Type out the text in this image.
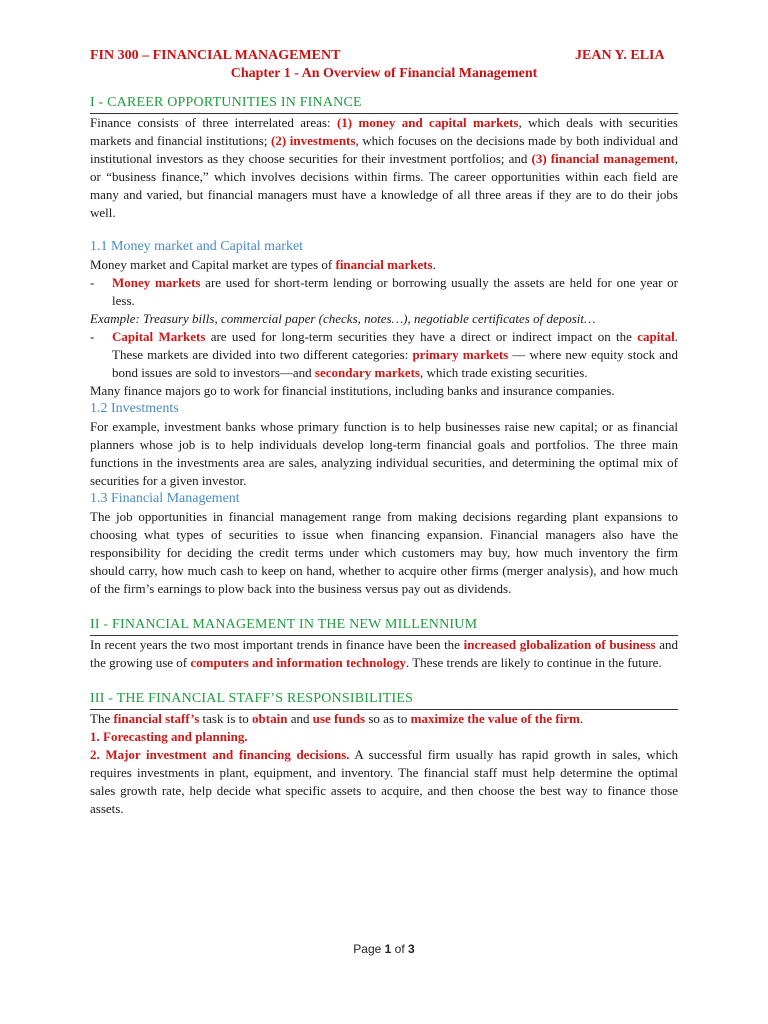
FIN 300 – FINANCIAL MANAGEMENT	JEAN Y. ELIA
Chapter 1 - An Overview of Financial Management
I - CAREER OPPORTUNITIES IN FINANCE

Finance consists of three interrelated areas: (1) money and capital markets, which deals with securities markets and financial institutions; (2) investments, which focuses on the decisions made by both individual and institutional investors as they choose securities for their investment portfolios; and (3) financial management, or “business finance,” which involves decisions within firms. The career opportunities within each field are many and varied, but financial managers must have a knowledge of all three areas if they are to do their jobs well.

1.1 Money market and Capital market

Money market and Capital market are types of financial markets.

- Money markets are used for short-term lending or borrowing usually the assets are held for one year or less.

Example: Treasury bills, commercial paper (checks, notes…), negotiable certificates of deposit…

- Capital Markets are used for long-term securities they have a direct or indirect impact on the capital. These markets are divided into two different categories: primary markets — where new equity stock and bond issues are sold to investors—and secondary markets, which trade existing securities.

Many finance majors go to work for financial institutions, including banks and insurance companies.

1.2 Investments

For example, investment banks whose primary function is to help businesses raise new capital; or as financial planners whose job is to help individuals develop long-term financial goals and portfolios. The three main functions in the investments area are sales, analyzing individual securities, and determining the optimal mix of securities for a given investor.

1.3 Financial Management

The job opportunities in financial management range from making decisions regarding plant expansions to choosing what types of securities to issue when financing expansion. Financial managers also have the responsibility for deciding the credit terms under which customers may buy, how much inventory the firm should carry, how much cash to keep on hand, whether to acquire other firms (merger analysis), and how much of the firm’s earnings to plow back into the business versus pay out as dividends.

II - FINANCIAL MANAGEMENT IN THE NEW MILLENNIUM

In recent years the two most important trends in finance have been the increased globalization of business and the growing use of computers and information technology. These trends are likely to continue in the future.

III - THE FINANCIAL STAFF’S RESPONSIBILITIES

The financial staff’s task is to obtain and use funds so as to maximize the value of the firm.

1. Forecasting and planning.

2. Major investment and financing decisions. A successful firm usually has rapid growth in sales, which requires investments in plant, equipment, and inventory. The financial staff must help determine the optimal sales growth rate, help decide what specific assets to acquire, and then choose the best way to finance those assets.

Page 1 of 3
